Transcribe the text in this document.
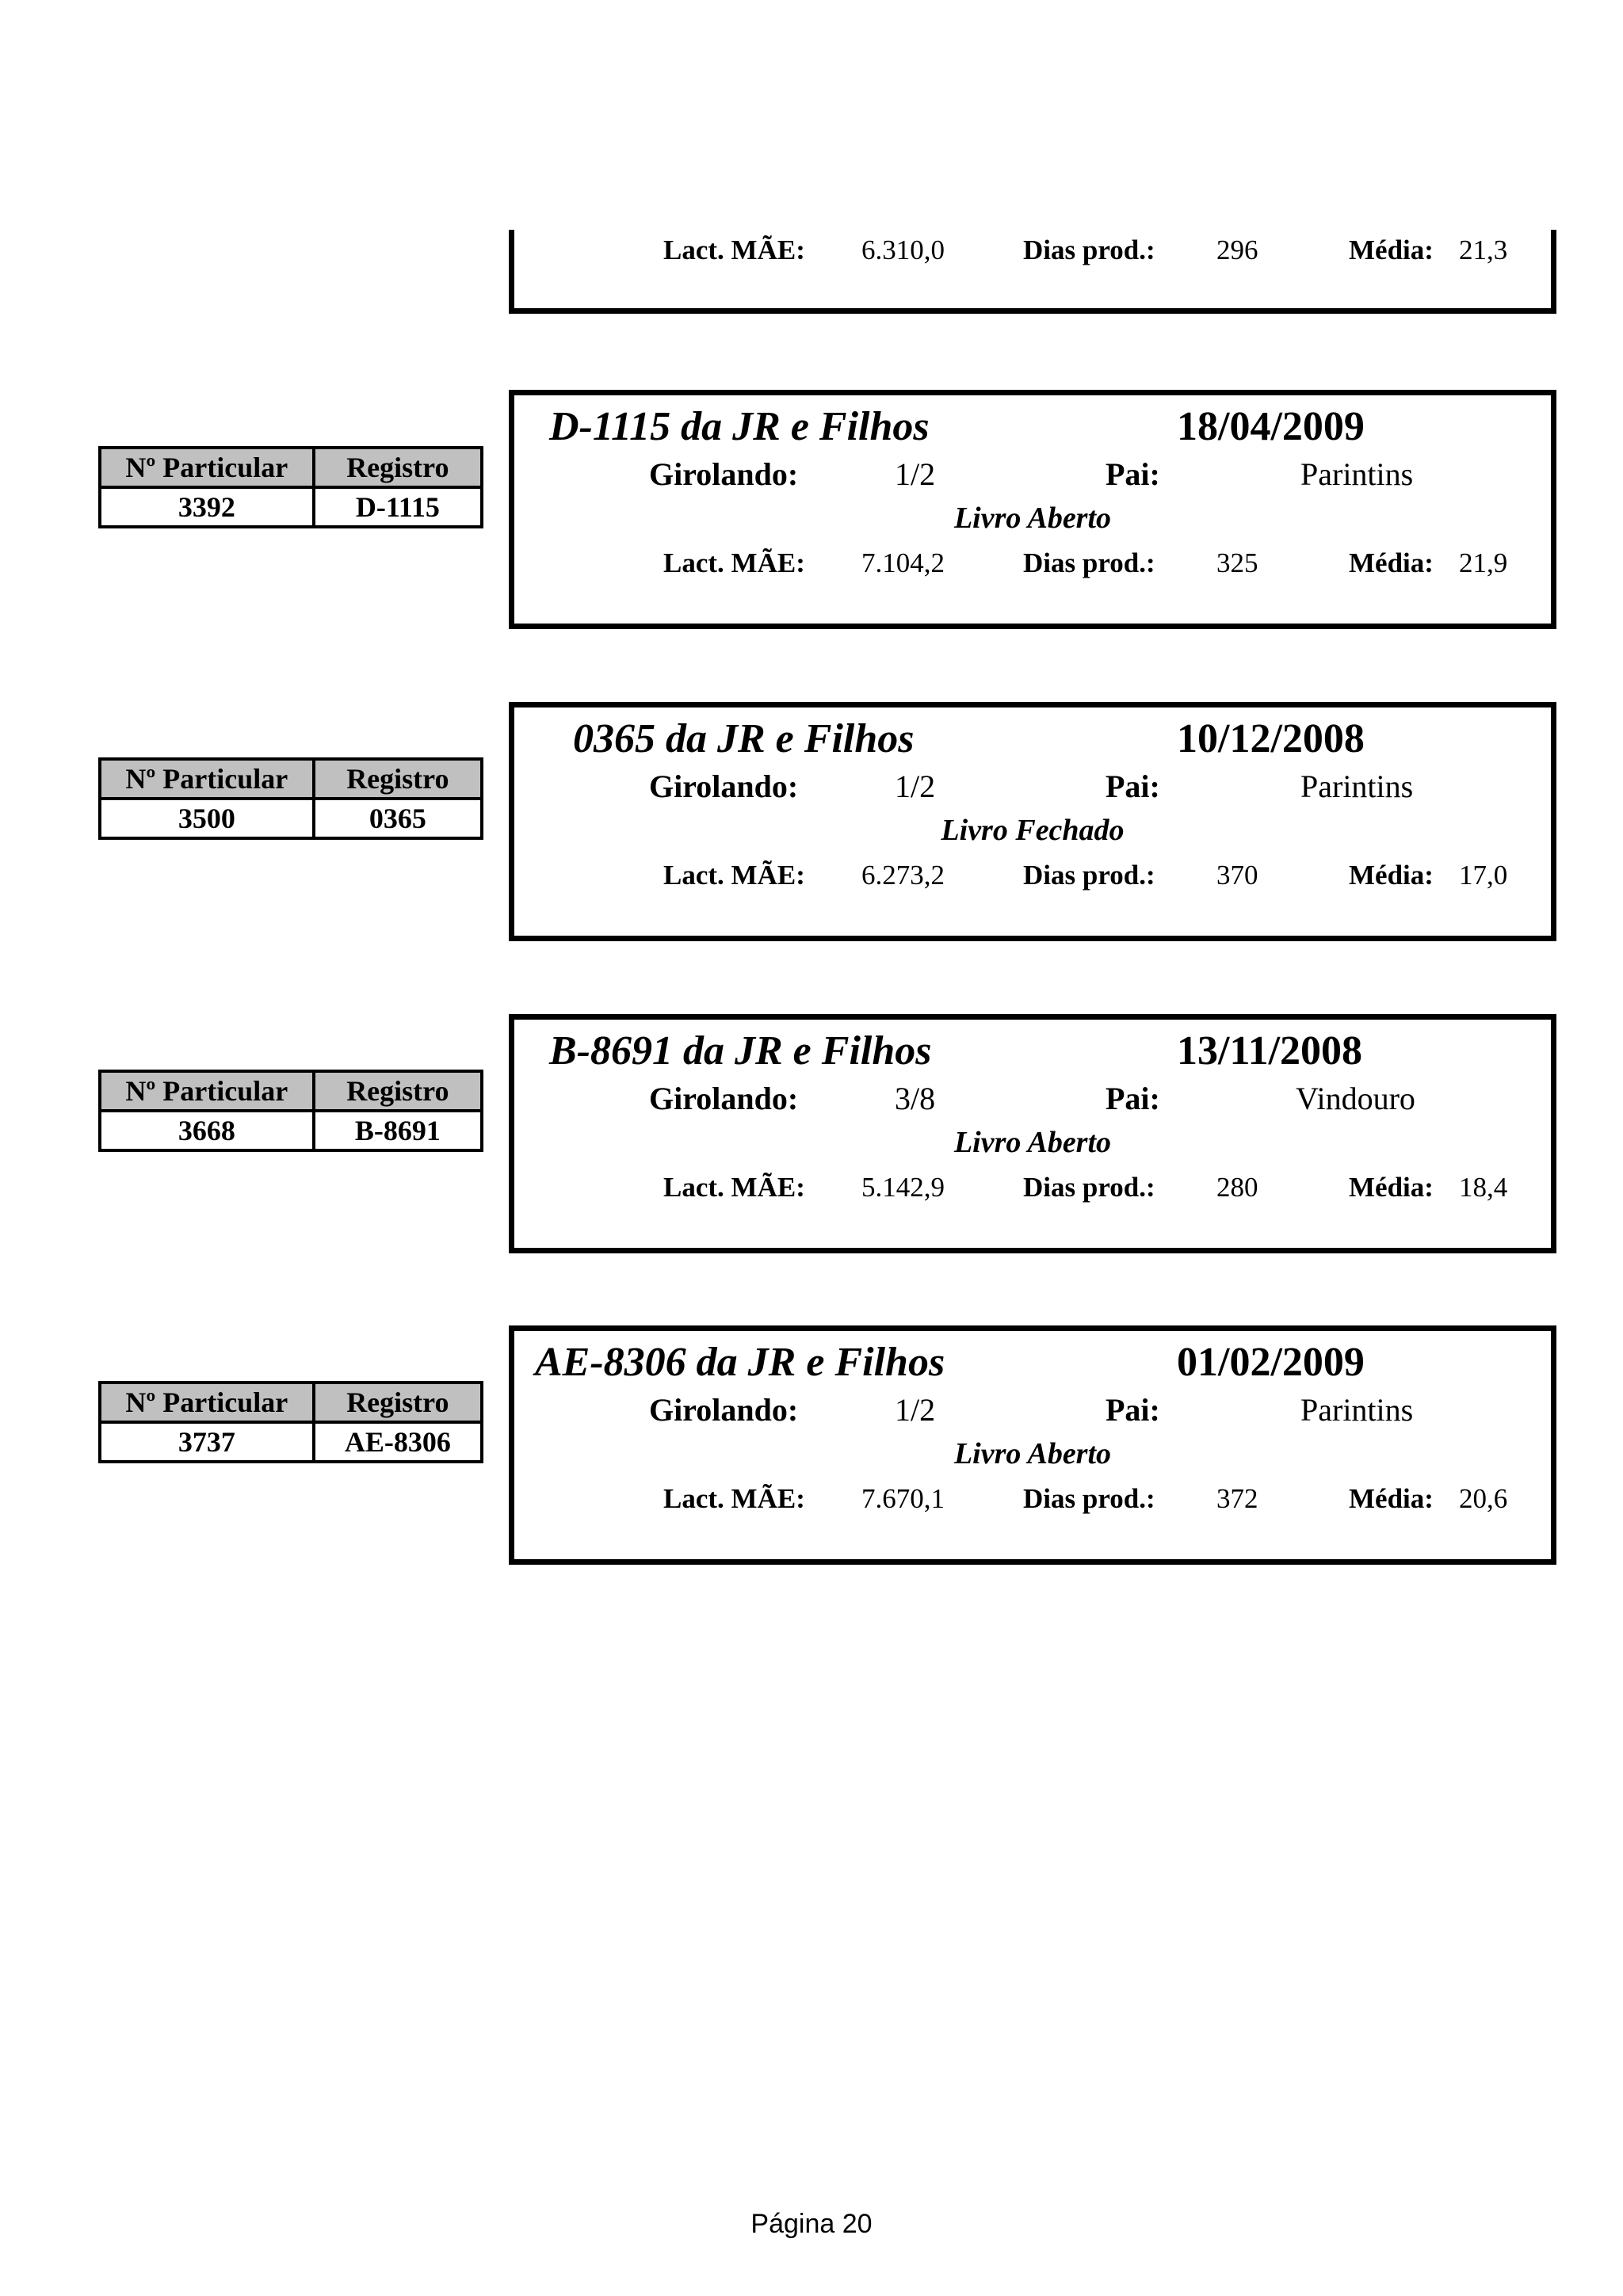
Lact. MÃE: 6.310,0	Dias prod.: 296	Média: 21,3
Nº Particular	Registro
3392	D-1115
D-1115 da JR e Filhos	18/04/2009
Girolando:	1/2	Pai:	Parintins
Livro Aberto
Lact. MÃE: 7.104,2	Dias prod.: 325	Média: 21,9
Nº Particular	Registro
3500	0365
0365 da JR e Filhos	10/12/2008
Girolando:	1/2	Pai:	Parintins
Livro Fechado
Lact. MÃE: 6.273,2	Dias prod.: 370	Média: 17,0
Nº Particular	Registro
3668	B-8691
B-8691 da JR e Filhos	13/11/2008
Girolando:	3/8	Pai:	Vindouro
Livro Aberto
Lact. MÃE: 5.142,9	Dias prod.: 280	Média: 18,4
Nº Particular	Registro
3737	AE-8306
AE-8306 da JR e Filhos	01/02/2009
Girolando:	1/2	Pai:	Parintins
Livro Aberto
Lact. MÃE: 7.670,1	Dias prod.: 372	Média: 20,6
Página 20
